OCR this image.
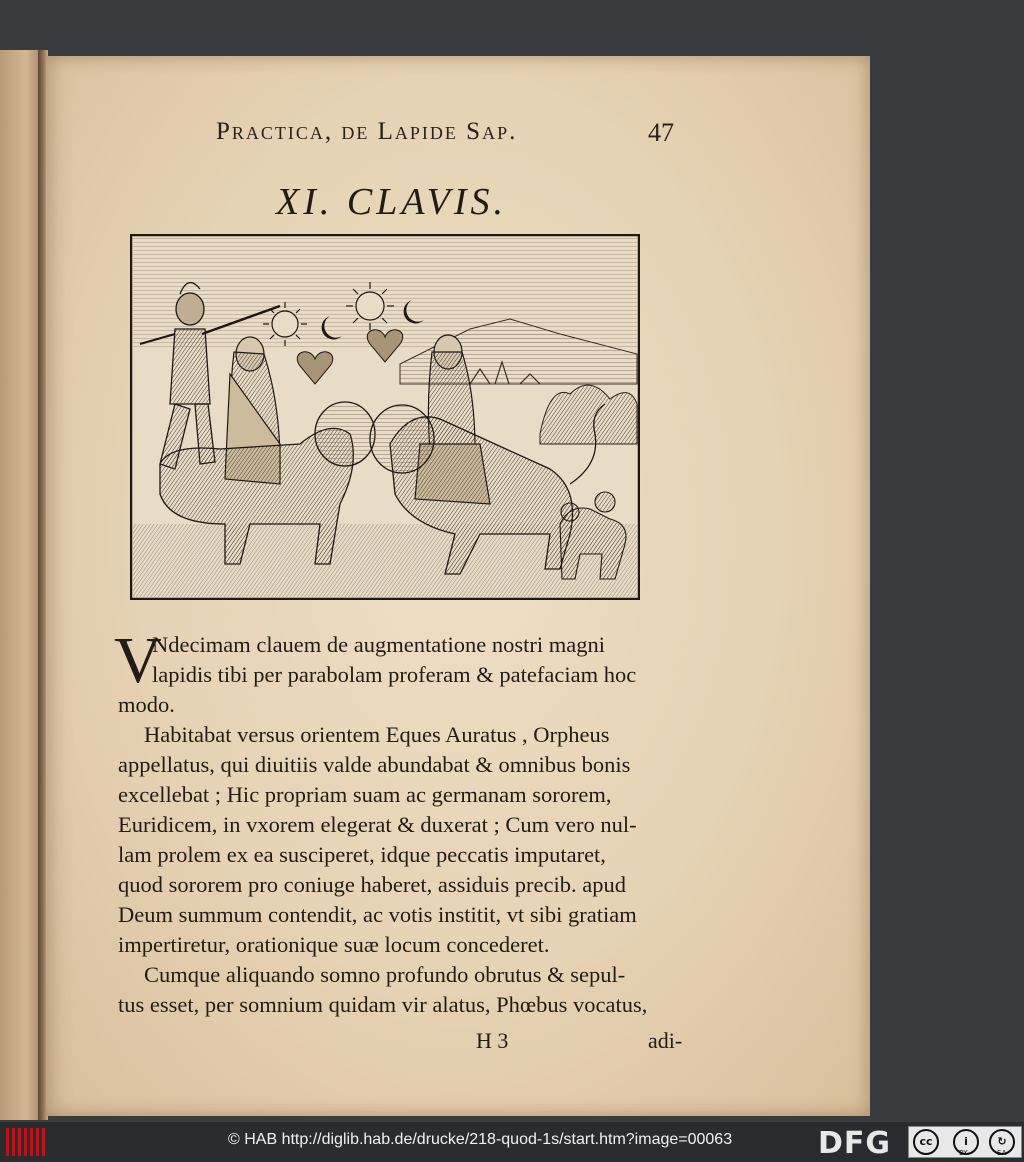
Practica, de Lapide Sap.	47
XI. CLAVIS.
V
Ndecimam clauem de augmentatione nostri magni
lapidis tibi per parabolam proferam & patefaciam hoc
modo.
Habitabat versus orientem Eques Auratus , Orpheus
appellatus, qui diuitiis valde abundabat & omnibus bonis
excellebat ; Hic propriam suam ac germanam sororem,
Euridicem, in vxorem elegerat & duxerat ; Cum vero nul-
lam prolem ex ea susciperet, idque peccatis imputaret,
quod sororem pro coniuge haberet, assiduis precib. apud
Deum summum contendit, ac votis institit, vt sibi gratiam
impertiretur, orationique suæ locum concederet.
Cumque aliquando somno profundo obrutus & sepul-
tus esset, per somnium quidam vir alatus, Phœbus vocatus,
H 3	adi-
© HAB http://diglib.hab.de/drucke/218-quod-1s/start.htm?image=00063	DFG	cc	i
BY
↻
SA
